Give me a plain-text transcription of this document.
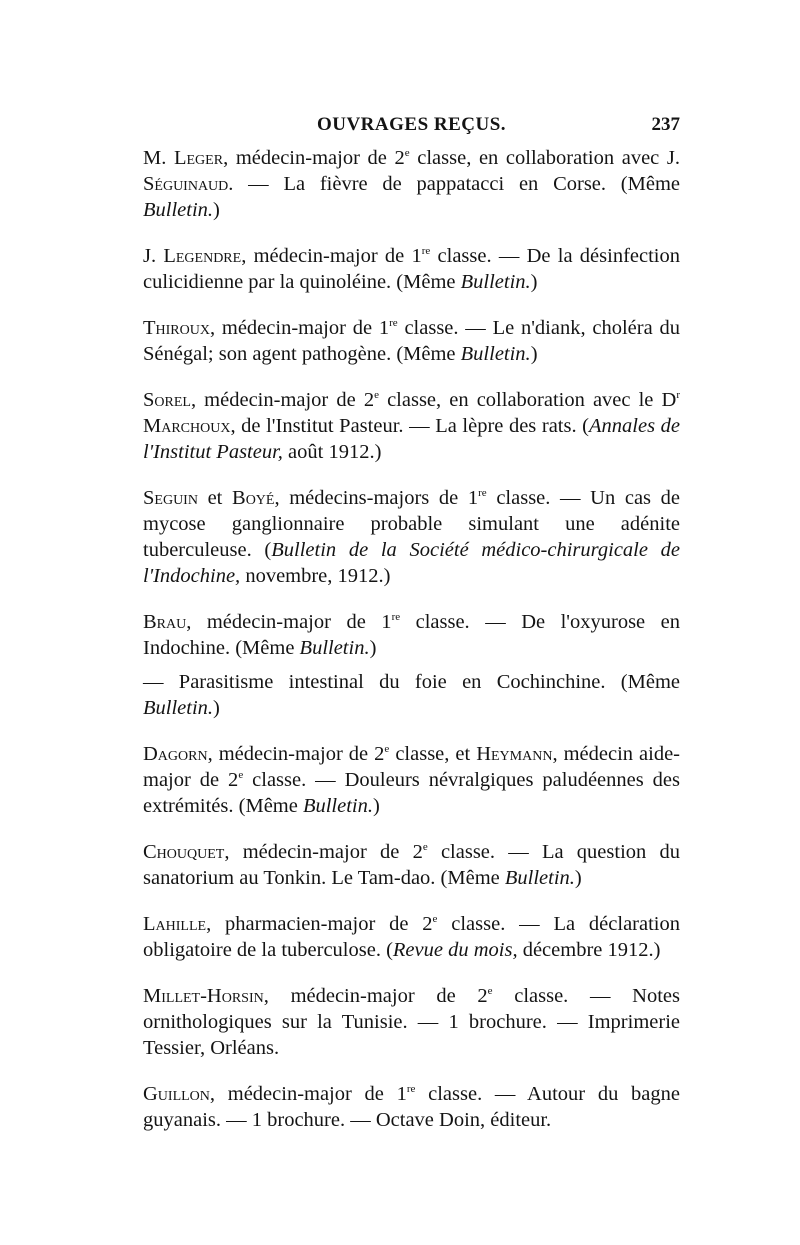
OUVRAGES REÇUS.	237

M. Leger, médecin-major de 2e classe, en collaboration avec J. Séguinaud. — La fièvre de pappatacci en Corse. (Même Bulletin.)

J. Legendre, médecin-major de 1re classe. — De la désinfection culicidienne par la quinoléine. (Même Bulletin.)

Thiroux, médecin-major de 1re classe. — Le n'diank, choléra du Sénégal; son agent pathogène. (Même Bulletin.)

Sorel, médecin-major de 2e classe, en collaboration avec le $D^r$ Marchoux, de l'Institut Pasteur. — La lèpre des rats. (Annales de l'Institut Pasteur, août 1912.)

Seguin et Boyé, médecins-majors de 1re classe. — Un cas de mycose ganglionnaire probable simulant une adénite tuberculeuse. (Bulletin de la Société médico-chirurgicale de l'Indochine, novembre, 1912.)

Brau, médecin-major de 1re classe. — De l'oxyurose en Indochine. (Même Bulletin.)

— Parasitisme intestinal du foie en Cochinchine. (Même Bulletin.)

Dagorn, médecin-major de 2e classe, et Heymann, médecin aide-major de 2e classe. — Douleurs névralgiques paludéennes des extrémités. (Même Bulletin.)

Chouquet, médecin-major de 2e classe. — La question du sanatorium au Tonkin. Le Tam-dao. (Même Bulletin.)

Lahille, pharmacien-major de 2e classe. — La déclaration obligatoire de la tuberculose. (Revue du mois, décembre 1912.)

Millet-Horsin, médecin-major de 2e classe. — Notes ornithologiques sur la Tunisie. — 1 brochure. — Imprimerie Tessier, Orléans.

Guillon, médecin-major de 1re classe. — Autour du bagne guyanais. — 1 brochure. — Octave Doin, éditeur.
